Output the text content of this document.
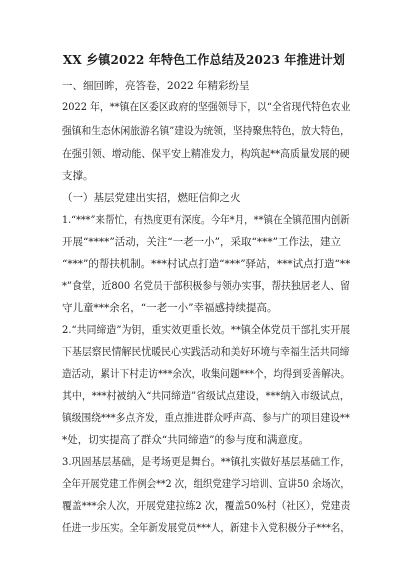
XX 乡镇2022 年特色工作总结及2023 年推进计划
一、细回眸，亮答卷，2022 年精彩纷呈
2022 年，**镇在区委区政府的坚强领导下，以“全省现代特色农业
强镇和生态休闲旅游名镇”建设为统领，坚持聚焦特色，放大特色，
在强引领、增动能、保平安上精准发力，构筑起**高质量发展的硬
支撑。
（一）基层党建出实招，燃旺信仰之火
1.“***”来帮忙，有热度更有深度。今年*月，**镇在全镇范围内创新
开展“****”活动，关注“一老一小”，采取“***”工作法，建立
“***”的帮扶机制。***村试点打造“***”驿站，***试点打造“**
*”食堂，近800 名党员干部积极参与领办实事，帮扶独居老人、留
守儿童***余名，“一老一小”幸福感持续提高。
2.“共同缔造”为钥，重实效更重长效。**镇全体党员干部扎实开展
下基层察民情解民忧暖民心实践活动和美好环境与幸福生活共同缔
造活动，累计下村走访***余次，收集问题***个，均得到妥善解决。
其中，***村被纳入“共同缔造”省级试点建设，***纳入市级试点，
镇级围绕***多点齐发，重点推进群众呼声高、参与广的项目建设**
*处，切实提高了群众“共同缔造”的参与度和满意度。
3.巩固基层基础，是考场更是舞台。**镇扎实做好基层基础工作，
全年开展党建工作例会**2 次，组织党建学习培训、宣讲50 余场次，
覆盖***余人次，开展党建拉练2 次，覆盖50%村（社区），党建责
任进一步压实。全年新发展党员***人，新建卡入党积极分子***名，
